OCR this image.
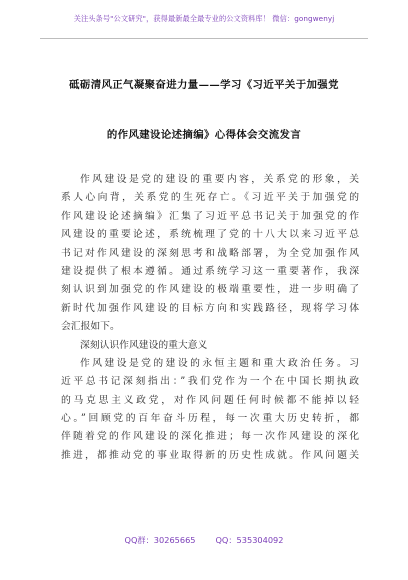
关注头条号"公文研究"，获得最新最全最专业的公文资料库！ 微信：gongwenyj
砥砺清风正气凝聚奋进力量——学习《习近平关于加强党
的作风建设论述摘编》心得体会交流发言
作风建设是党的建设的重要内容，关系党的形象，关
系人心向背，关系党的生死存亡。《习近平关于加强党的
作风建设论述摘编》汇集了习近平总书记关于加强党的作
风建设的重要论述，系统梳理了党的十八大以来习近平总
书记对作风建设的深刻思考和战略部署，为全党加强作风
建设提供了根本遵循。通过系统学习这一重要著作，我深
刻认识到加强党的作风建设的极端重要性，进一步明确了
新时代加强作风建设的目标方向和实践路径，现将学习体
会汇报如下。
深刻认识作风建设的重大意义
作风建设是党的建设的永恒主题和重大政治任务。习
近平总书记深刻指出：”我们党作为一个在中国长期执政
的马克思主义政党，对作风问题任何时候都不能掉以轻
心。”回顾党的百年奋斗历程，每一次重大历史转折，都
伴随着党的作风建设的深化推进；每一次作风建设的深化
推进，都推动党的事业取得新的历史性成就。作风问题关
QQ群：30265665 QQ：535304092
